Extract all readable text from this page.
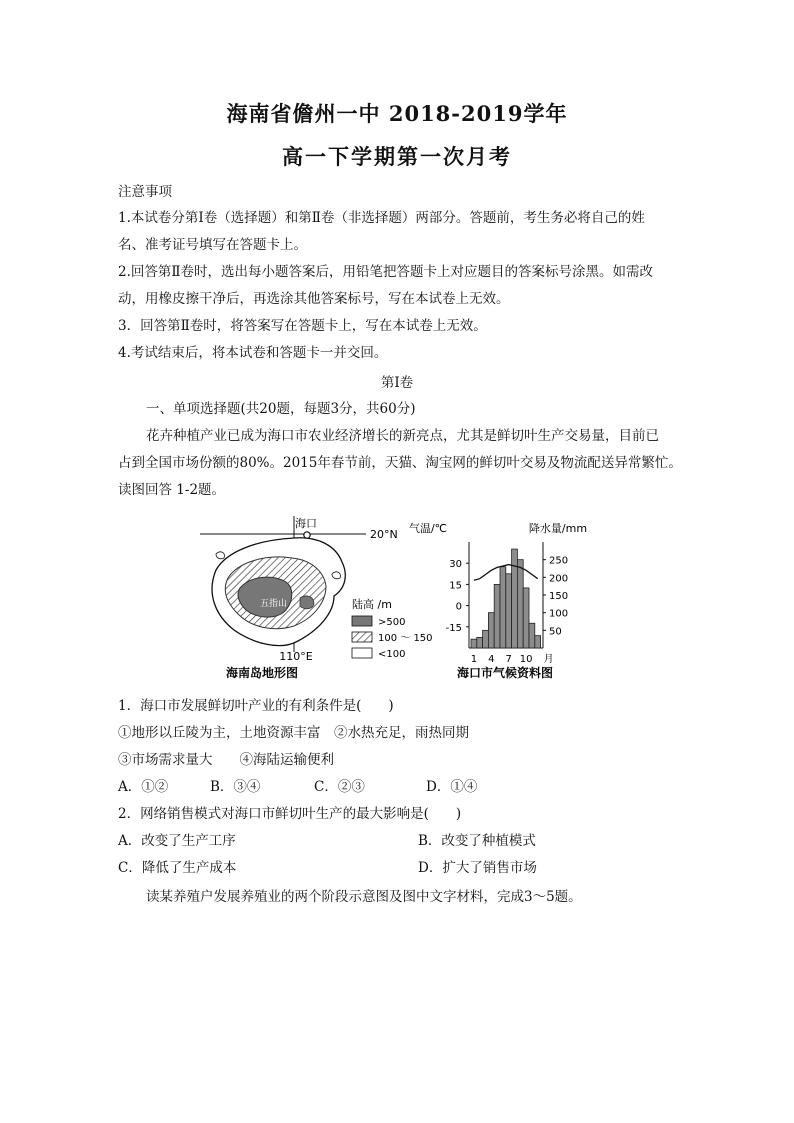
海南省儋州一中 2018-2019学年
高一下学期第一次月考
注意事项
1.本试卷分第Ⅰ卷（选择题）和第Ⅱ卷（非选择题）两部分。答题前，考生务必将自己的姓
名、准考证号填写在答题卡上。
2.回答第Ⅱ卷时，选出每小题答案后，用铅笔把答题卡上对应题目的答案标号涂黑。如需改
动，用橡皮擦干净后，再选涂其他答案标号，写在本试卷上无效。
3．回答第Ⅱ卷时，将答案写在答题卡上，写在本试卷上无效。
4.考试结束后，将本试卷和答题卡一并交回。
第Ⅰ卷
一、单项选择题(共20题，每题3分，共60分)
花卉种植产业已成为海口市农业经济增长的新亮点，尤其是鲜切叶生产交易量，目前已
占到全国市场份额的80%。2015年春节前，天猫、淘宝网的鲜切叶交易及物流配送异常繁忙。
读图回答 1-2题。
海口
20°N
五指山
110°E
陆高 /m
>500
100 ～ 150
<100
海南岛地形图
气温/℃	降水量/mm
30
15
0
-15
250
200
150
100
50
1 4 7 10 月
海口市气候资料图
1．海口市发展鲜切叶产业的有利条件是(　　)
①地形以丘陵为主，土地资源丰富　②水热充足，雨热同期
③市场需求量大　　④海陆运输便利
A．①②	B．③④	C．②③	D．①④
2．网络销售模式对海口市鲜切叶生产的最大影响是(　　)
A．改变了生产工序	B．改变了种植模式
C．降低了生产成本	D．扩大了销售市场
读某养殖户发展养殖业的两个阶段示意图及图中文字材料，完成3～5题。
